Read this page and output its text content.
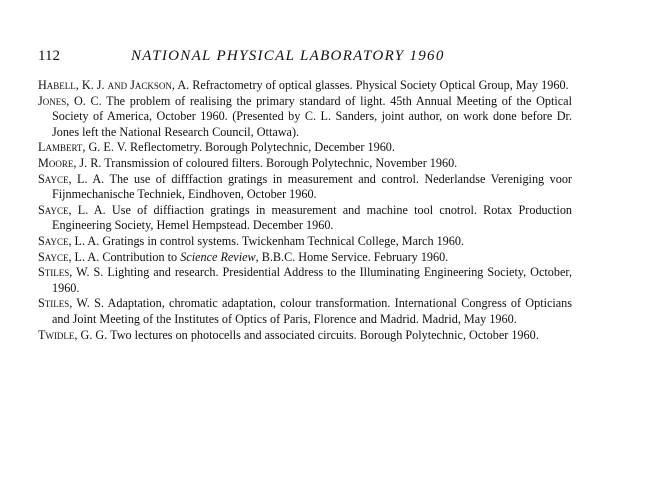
112	NATIONAL PHYSICAL LABORATORY 1960

Habell, K. J. and Jackson, A. Refractometry of optical glasses. Physical Society Optical Group, May 1960.

Jones, O. C. The problem of realising the primary standard of light. 45th Annual Meeting of the Optical Society of America, October 1960. (Presented by C. L. Sanders, joint author, on work done before Dr. Jones left the National Research Council, Ottawa).

Lambert, G. E. V. Reflectometry. Borough Polytechnic, December 1960.

Moore, J. R. Transmission of coloured filters. Borough Polytechnic, November 1960.

Sayce, L. A. The use of difffaction gratings in measurement and control. Nederlandse Vereniging voor Fijnmechanische Techniek, Eindhoven, October 1960.

Sayce, L. A. Use of diffiaction gratings in measurement and machine tool cnotrol. Rotax Production Engineering Society, Hemel Hempstead. December 1960.

Sayce, L. A. Gratings in control systems. Twickenham Technical College, March 1960.

Sayce, L. A. Contribution to Science Review, B.B.C. Home Service. February 1960.

Stiles, W. S. Lighting and research. Presidential Address to the Illuminating Engineering Society, October, 1960.

Stiles, W. S. Adaptation, chromatic adaptation, colour transformation. International Congress of Opticians and Joint Meeting of the Institutes of Optics of Paris, Florence and Madrid. Madrid, May 1960.

Twidle, G. G. Two lectures on photocells and associated circuits. Borough Polytechnic, October 1960.
